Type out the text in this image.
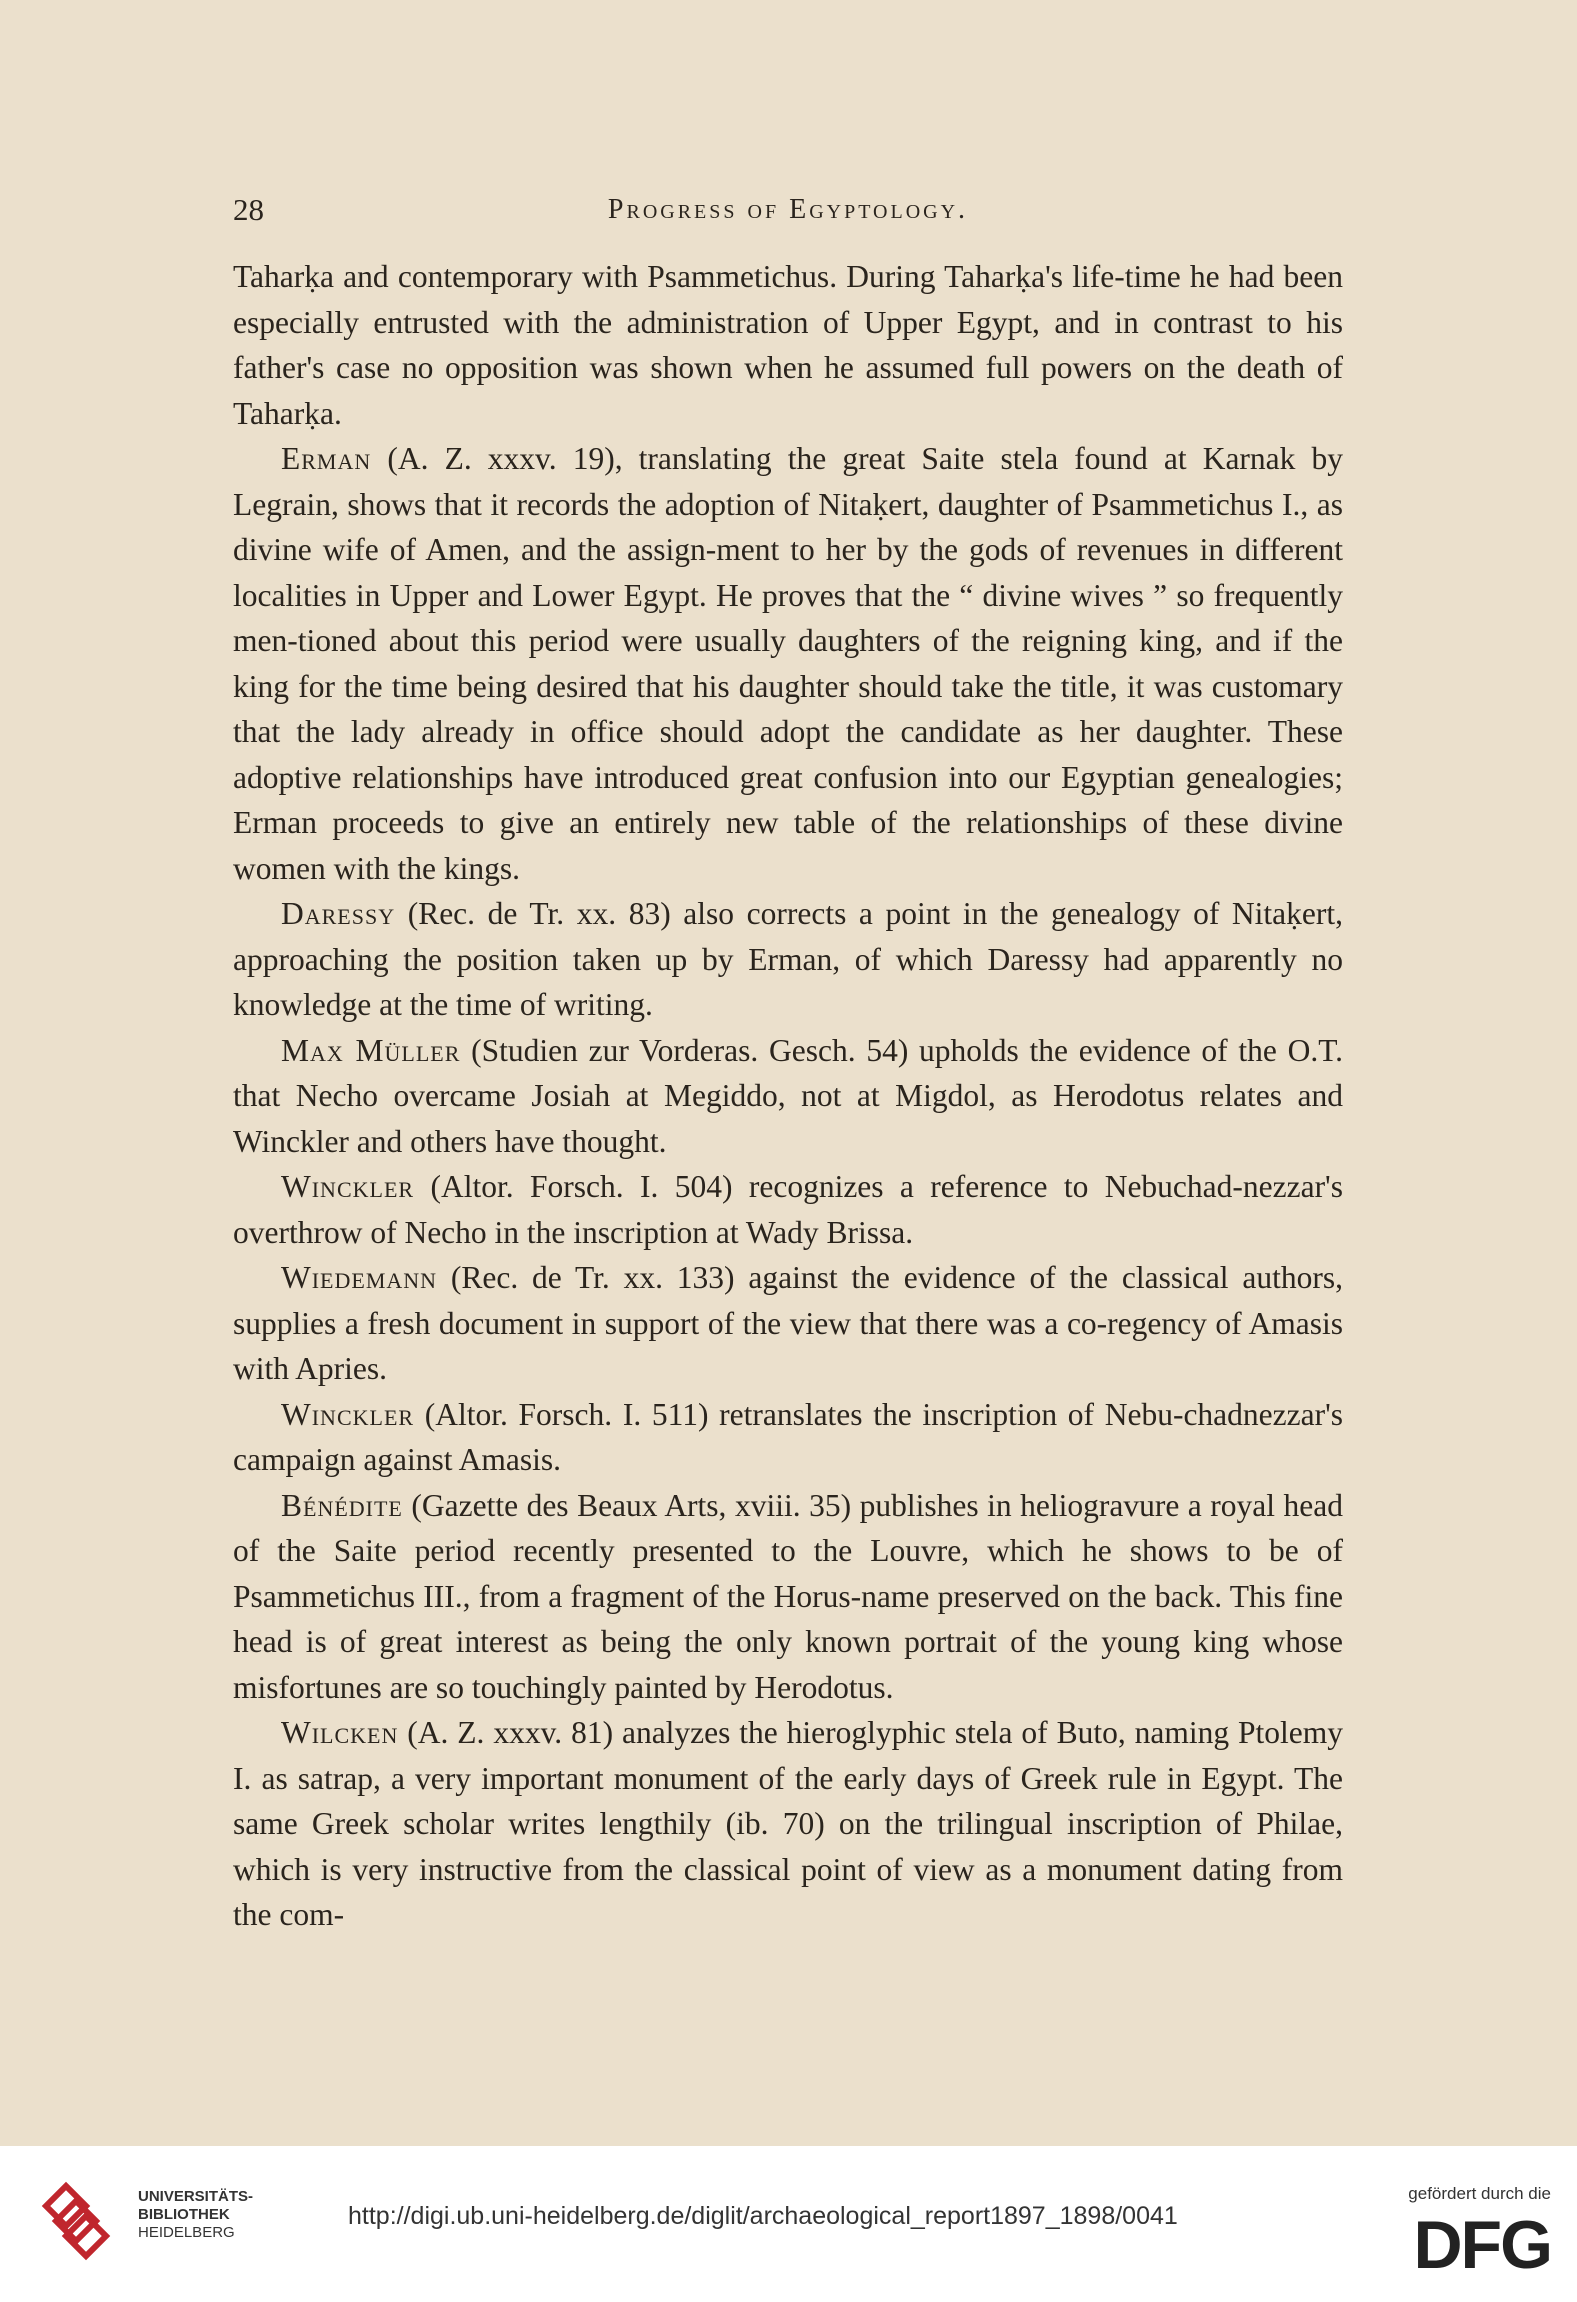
28	Progress of Egyptology.

Taharḳa and contemporary with Psammetichus. During Taharḳa's life-time he had been especially entrusted with the administration of Upper Egypt, and in contrast to his father's case no opposition was shown when he assumed full powers on the death of Taharḳa.

Erman (A. Z. xxxv. 19), translating the great Saite stela found at Karnak by Legrain, shows that it records the adoption of Nitaḳert, daughter of Psammetichus I., as divine wife of Amen, and the assign-ment to her by the gods of revenues in different localities in Upper and Lower Egypt. He proves that the “ divine wives ” so frequently men-tioned about this period were usually daughters of the reigning king, and if the king for the time being desired that his daughter should take the title, it was customary that the lady already in office should adopt the candidate as her daughter. These adoptive relationships have introduced great confusion into our Egyptian genealogies; Erman proceeds to give an entirely new table of the relationships of these divine women with the kings.

Daressy (Rec. de Tr. xx. 83) also corrects a point in the genealogy of Nitaḳert, approaching the position taken up by Erman, of which Daressy had apparently no knowledge at the time of writing.

Max Müller (Studien zur Vorderas. Gesch. 54) upholds the evidence of the O.T. that Necho overcame Josiah at Megiddo, not at Migdol, as Herodotus relates and Winckler and others have thought.

Winckler (Altor. Forsch. I. 504) recognizes a reference to Nebuchad-nezzar's overthrow of Necho in the inscription at Wady Brissa.

Wiedemann (Rec. de Tr. xx. 133) against the evidence of the classical authors, supplies a fresh document in support of the view that there was a co-regency of Amasis with Apries.

Winckler (Altor. Forsch. I. 511) retranslates the inscription of Nebu-chadnezzar's campaign against Amasis.

Bénédite (Gazette des Beaux Arts, xviii. 35) publishes in heliogravure a royal head of the Saite period recently presented to the Louvre, which he shows to be of Psammetichus III., from a fragment of the Horus-name preserved on the back. This fine head is of great interest as being the only known portrait of the young king whose misfortunes are so touchingly painted by Herodotus.

Wilcken (A. Z. xxxv. 81) analyzes the hieroglyphic stela of Buto, naming Ptolemy I. as satrap, a very important monument of the early days of Greek rule in Egypt. The same Greek scholar writes lengthily (ib. 70) on the trilingual inscription of Philae, which is very instructive from the classical point of view as a monument dating from the com-

UNIVERSITÄTS-
BIBLIOTHEK
HEIDELBERG
http://digi.ub.uni-heidelberg.de/diglit/archaeological_report1897_1898/0041
gefördert durch die
DFG
